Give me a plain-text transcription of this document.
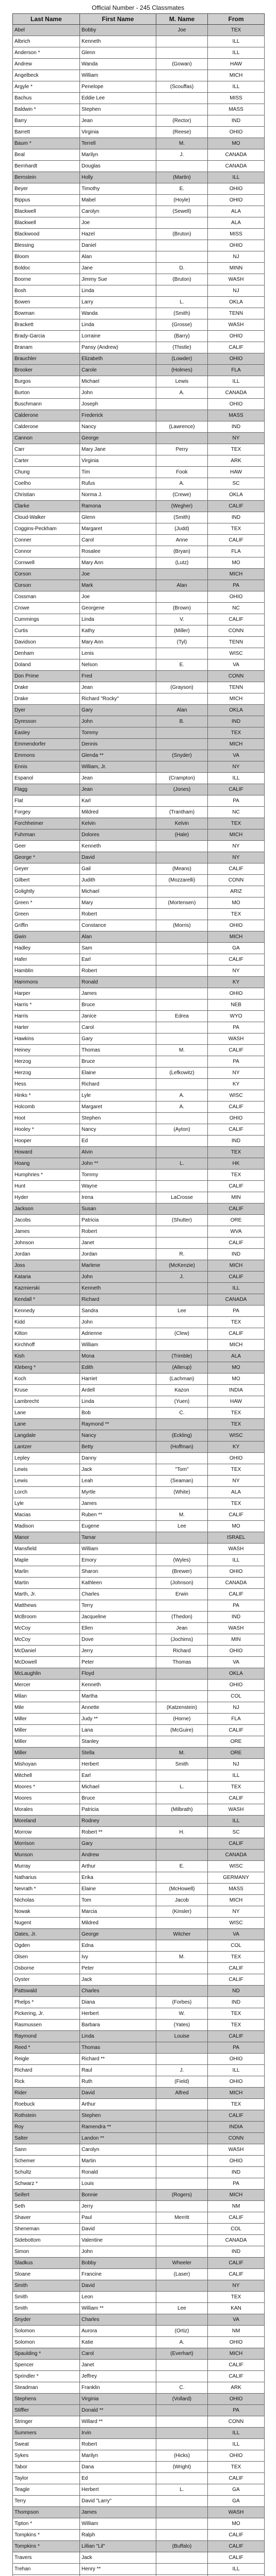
Official Number - 245 Classmates
Last Name	First Name	M. Name	From
Abel	Bobby	Joe	TEX
Albrich	Kenneth		ILL
Anderson *	Glenn		ILL
Andrew	Wanda	(Gowan)	HAW
Angelbeck	William		MICH
Argyle *	Penelope	(Scouffas)	ILL
Bachus	Eddie Lee		MISS
Baldwin *	Stephen		MASS
Barry	Jean	(Rector)	IND
Barrett	Virginia	(Reese)	OHIO
Baum *	Terrell	M.	MO
Beal	Marilyn	J.	CANADA
Bernhardt	Douglas		CANADA
Bernstein	Holly	(Martin)	ILL
Beyer	Timothy	E.	OHIO
Bippus	Mabel	(Hoyle)	OHIO
Blackwell	Carolyn	(Sewell)	ALA
Blackwell	Joe		ALA
Blackwood	Hazel	(Bruton)	MISS
Blessing	Daniel		OHIO
Bloom	Alan		NJ
Boldoc	Jane	D.	MINN
Boorne	Jimmy Sue	(Bruton)	WASH
Bosh	Linda		NJ
Bowen	Larry	L.	OKLA
Bowman	Wanda	(Smith)	TENN
Brackett	Linda	(Grosse)	WASH
Brady-Garcia	Lorraine	(Barry)	OHIO
Branam	Pansy (Andrew)	(Thistle)	CALIF
Brauchler	Elizabeth	(Lowder)	OHIO
Brooker	Carole	(Holmes)	FLA
Burgos	Michael	Lewis	ILL
Burton	John	A.	CANADA
Buschmann	Joseph		OHIO
Calderone	Frederick		MASS
Calderone	Nancy	(Lawrence)	IND
Cannon	George		NY
Carr	Mary Jane	Perry	TEX
Carter	Virginia		ARK
Chung	Tim	Fook	HAW
Coelho	Rufus	A.	SC
Christian	Norma J.	(Crewe)	OKLA
Clarke	Ramona	(Wegher)	CALIF
Cloud-Walker	Glenn	(Smith)	IND
Coggins-Peckham	Margaret	(Judd)	TEX
Conner	Carol	Anne	CALIF
Connor	Rosalee	(Bryan)	FLA
Cornwell	Mary Ann	(Lutz)	MO
Corson	Joe		MICH
Corson	Mark	Alan	PA
Cossman	Joe		OHIO
Crowe	Georgene	(Brown)	NC
Cummings	Linda	V.	CALIF
Curtis	Kathy	(Miller)	CONN
Davidson	Mary Ann	(Tyl)	TENN
Denham	Lenis		WISC
Doland	Nelson	E.	VA
Don Prime	Fred		CONN
Drake	Jean	(Grayson)	TENN
Drake	Richard "Rocky"		MICH
Dyer	Gary	Alan	OKLA
Dyresson	John	B.	IND
Easley	Tommy		TEX
Emmendorfer	Dennis		MICH
Emmons	Glenda **	(Snyder)	VA
Ennis	William, Jr.		NY
Espanol	Jean	(Crampton)	ILL
Flagg	Jean	(Jones)	CALIF
Flat	Karl		PA
Forgey	Mildred	(Trantham)	NC
Forchheimer	Kelvin	Kelvin	TEX
Fuhrman	Dolores	(Hale)	MICH
Geer	Kenneth		NY
George *	David		NY
Geyer	Gail	(Means)	CALIF
Gilbert	Judith	(Mozzarelli)	CONN
Golightly	Michael		ARIZ
Green *	Mary	(Mortensen)	MO
Green	Robert		TEX
Griffin	Constance	(Morris)	OHIO
Gwin	Alan		MICH
Hadley	Sam		GA
Hafer	Earl		CALIF
Hamblin	Robert		NY
Hammons	Ronald		KY
Harper	James		OHIO
Harris *	Bruce		NEB
Harris	Janice	Edrea	WYO
Harter	Carol		PA
Hawkins	Gary		WASH
Heiney	Thomas	M.	CALIF
Herzog	Bruce		PA
Herzog	Elaine	(Lefkowitz)	NY
Hess	Richard		KY
Hinks *	Lyle	A.	WISC
Holcomb	Margaret	A.	CALIF
Hoot	Stephen		OHIO
Hooley *	Nancy	(Ayton)	CALIF
Hooper	Ed		IND
Howard	Alvin		TEX
Hoang	John **	L.	HK
Humphries *	Tommy		TEX
Hunt	Wayne		CALIF
Hyder	Irena	LaCrosse	MIN
Jackson	Susan		CALIF
Jacobs	Patricia	(Shutter)	ORE
James	Robert		WVA
Johnson	Janet		CALIF
Jordan	Jordan	R.	IND
Joss	Marlene	(McKenzie)	MICH
Kataria	John	J.	CALIF
Kazmierski	Kenneth		ILL
Kendall *	Richard		CANADA
Kennedy	Sandra	Lee	PA
Kidd	John		TEX
Kilton	Adrienne	(Clew)	CALIF
Kirchhoff	William		MICH
Kish	Mona	(Trimble)	ALA
Kleberg *	Edith	(Allerup)	MO
Koch	Harriet	(Lachman)	MO
Kruse	Ardell	Kazon	INDIA
Lambrecht	Linda	(Yuen)	HAW
Lane	Bob	C.	TEX
Lane	Raymond **		TEX
Langdale	Nancy	(Eckling)	WISC
Lantzer	Betty	(Hoffman)	KY
Lepley	Danny		OHIO
Lewis	Jack	"Tom"	TEX
Lewis	Leah	(Seaman)	NY
Lorch	Myrtle	(White)	ALA
Lyle	James		TEX
Macias	Ruben **	M.	CALIF
Madison	Eugene	Lee	MO
Manor	Tamar		ISRAEL
Mansfield	William		WASH
Maple	Emory	(Wyles)	ILL
Marlin	Sharon	(Brewer)	OHIO
Martin	Kathleen	(Johnson)	CANADA
Marth, Jr.	Charles	Erwin	CALIF
Matthews	Terry		PA
McBroom	Jacqueline	(Thedon)	IND
McCoy	Ellen	Jean	WASH
McCoy	Dove	(Jochims)	MIN
McDaniel	Jerry	Richard	OHIO
McDowell	Peter	Thomas	VA
McLaughlin	Floyd		OKLA
Mercer	Kenneth		OHIO
Milan	Martha		COL
Mile	Annette	(Katzenstein)	NJ
Miller	Judy **	(Horne)	FLA
Miller	Lana	(McGuire)	CALIF
Miller	Stanley		ORE
Miller	Stella	M.	ORE
Mishoyan	Herbert	Smith	NJ
Mitchell	Earl		ILL
Moores *	Michael	L.	TEX
Moores	Bruce		CALIF
Morales	Patricia	(Milbrath)	WASH
Moreland	Rodney		ILL
Morrow	Robert **	H.	SC
Morrison	Gary		CALIF
Munson	Andrew		CANADA
Murray	Arthur	E.	WISC
Natharius	Erika		GERMANY
Nevrath *	Elaine	(McHowell)	MASS
Nicholas	Tom	Jacob	MICH
Nowak	Marcia	(Kinsler)	NY
Nugent	Mildred		WISC
Oates, Jr.	George	Witcher	VA
Ogden	Edna		COL
Olsen	Ivy	M.	TEX
Osborne	Peter		CALIF
Oyster	Jack		CALIF
Pattswald	Charles		ND
Phelps *	Diana	(Forbes)	IND
Pickering, Jr.	Herbert	W.	TEX
Rasmussen	Barbara	(Yates)	TEX
Raymond	Linda	Louise	CALIF
Reed *	Thomas		PA
Reigle	Richard **		OHIO
Richard	Raul	J.	ILL
Rick	Ruth	(Field)	OHIO
Rider	David	Alfred	MICH
Roebuck	Arthur		TEX
Rothstein	Stephen		CALIF
Roy	Ramendra **		INDIA
Salter	Landon **		CONN
Sann	Carolyn		WASH
Schemer	Martin		OHIO
Schultz	Ronald		IND
Schwarz *	Louis		PA
Seifert	Bonnie	(Rogers)	MICH
Seth	Jerry		NM
Shaver	Paul	Merritt	CALIF
Sheneman	David		COL
Sidebottom	Valentine		CANADA
Simon	John		IND
Sladkus	Bobby	Wheeler	CALIF
Sloane	Francine	(Laser)	CALIF
Smith	David		NY
Smith	Leon		TEX
Smith	William **	Lee	KAN
Snyder	Charles		VA
Solomon	Aurora	(Ortiz)	NM
Solomon	Katie	A.	OHIO
Spaulding *	Carol	(Everhart)	MICH
Spencer	Janet		CALIF
Sprindler *	Jeffrey		CALIF
Steadman	Franklin	C.	ARK
Stephens	Virginia	(Vollard)	OHIO
Stiffler	Donald **		PA
Stringer	Willard **		CONN
Summers	Irvin		ILL
Sweat	Robert		ILL
Sykes	Marilyn	(Hicks)	OHIO
Tabor	Dana	(Wright)	TEX
Taylor	Ed		CALIF
Teagle	Herbert	L.	GA
Terry	David "Larry"		GA
Thompson	James		WASH
Tipton *	William		MO
Tompkins *	Ralph		CALIF
Tompkins *	Lillian "Lil"	(Buffalo)	CALIF
Travers	Jack		CALIF
Trehan	Henry **		ILL
